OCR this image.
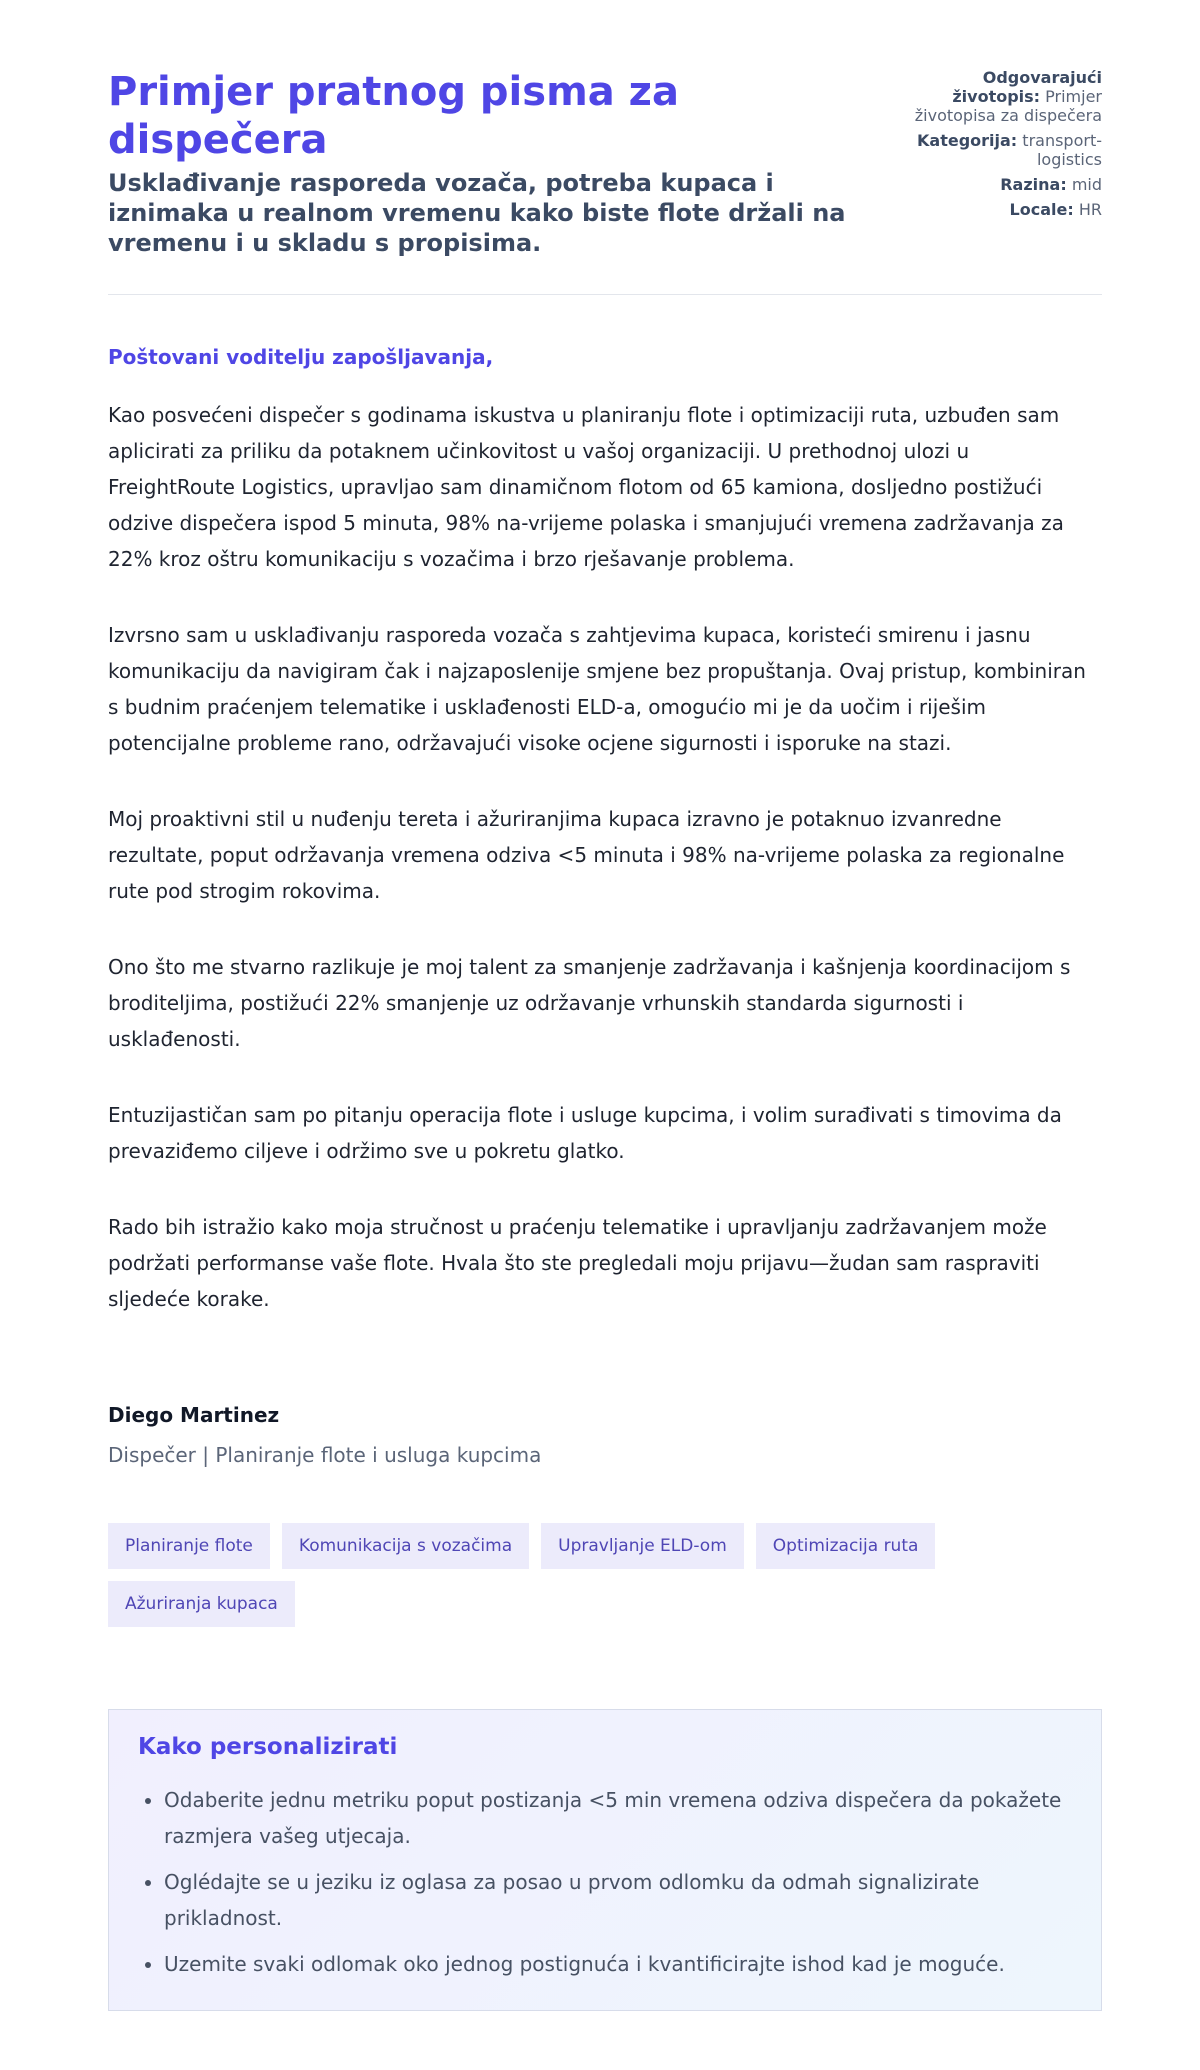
Primjer pratnog pisma za dispečera
Usklađivanje rasporeda vozača, potreba kupaca i iznimaka u realnom vremenu kako biste flote držali na vremenu i u skladu s propisima.
Odgovarajući životopis: Primjer životopisa za dispečera
Kategorija: transport-logistics
Razina: mid
Locale: HR

Poštovani voditelju zapošljavanja,

Kao posvećeni dispečer s godinama iskustva u planiranju flote i optimizaciji ruta, uzbuđen sam aplicirati za priliku da potaknem učinkovitost u vašoj organizaciji. U prethodnoj ulozi u FreightRoute Logistics, upravljao sam dinamičnom flotom od 65 kamiona, dosljedno postižući odzive dispečera ispod 5 minuta, 98% na-vrijeme polaska i smanjujući vremena zadržavanja za 22% kroz oštru komunikaciju s vozačima i brzo rješavanje problema.

Izvrsno sam u usklađivanju rasporeda vozača s zahtjevima kupaca, koristeći smirenu i jasnu komunikaciju da navigiram čak i najzaposlenije smjene bez propuštanja. Ovaj pristup, kombiniran s budnim praćenjem telematike i usklađenosti ELD-a, omogućio mi je da uočim i riješim potencijalne probleme rano, održavajući visoke ocjene sigurnosti i isporuke na stazi.

Moj proaktivni stil u nuđenju tereta i ažuriranjima kupaca izravno je potaknuo izvanredne rezultate, poput održavanja vremena odziva <5 minuta i 98% na-vrijeme polaska za regionalne rute pod strogim rokovima.

Ono što me stvarno razlikuje je moj talent za smanjenje zadržavanja i kašnjenja koordinacijom s broditeljima, postižući 22% smanjenje uz održavanje vrhunskih standarda sigurnosti i usklađenosti.

Entuzijastičan sam po pitanju operacija flote i usluge kupcima, i volim surađivati s timovima da prevaziđemo ciljeve i održimo sve u pokretu glatko.

Rado bih istražio kako moja stručnost u praćenju telematike i upravljanju zadržavanjem može podržati performanse vaše flote. Hvala što ste pregledali moju prijavu—žudan sam raspraviti sljedeće korake.

Diego Martinez
Dispečer | Planiranje flote i usluga kupcima
Planiranje flote	Komunikacija s vozačima	Upravljanje ELD-om	Optimizacija ruta
Ažuriranja kupaca
Kako personalizirati
• Odaberite jednu metriku poput postizanja <5 min vremena odziva dispečera da pokažete razmjera vašeg utjecaja.
• Oglédajte se u jeziku iz oglasa za posao u prvom odlomku da odmah signalizirate prikladnost.
• Uzemite svaki odlomak oko jednog postignuća i kvantificirajte ishod kad je moguće.
